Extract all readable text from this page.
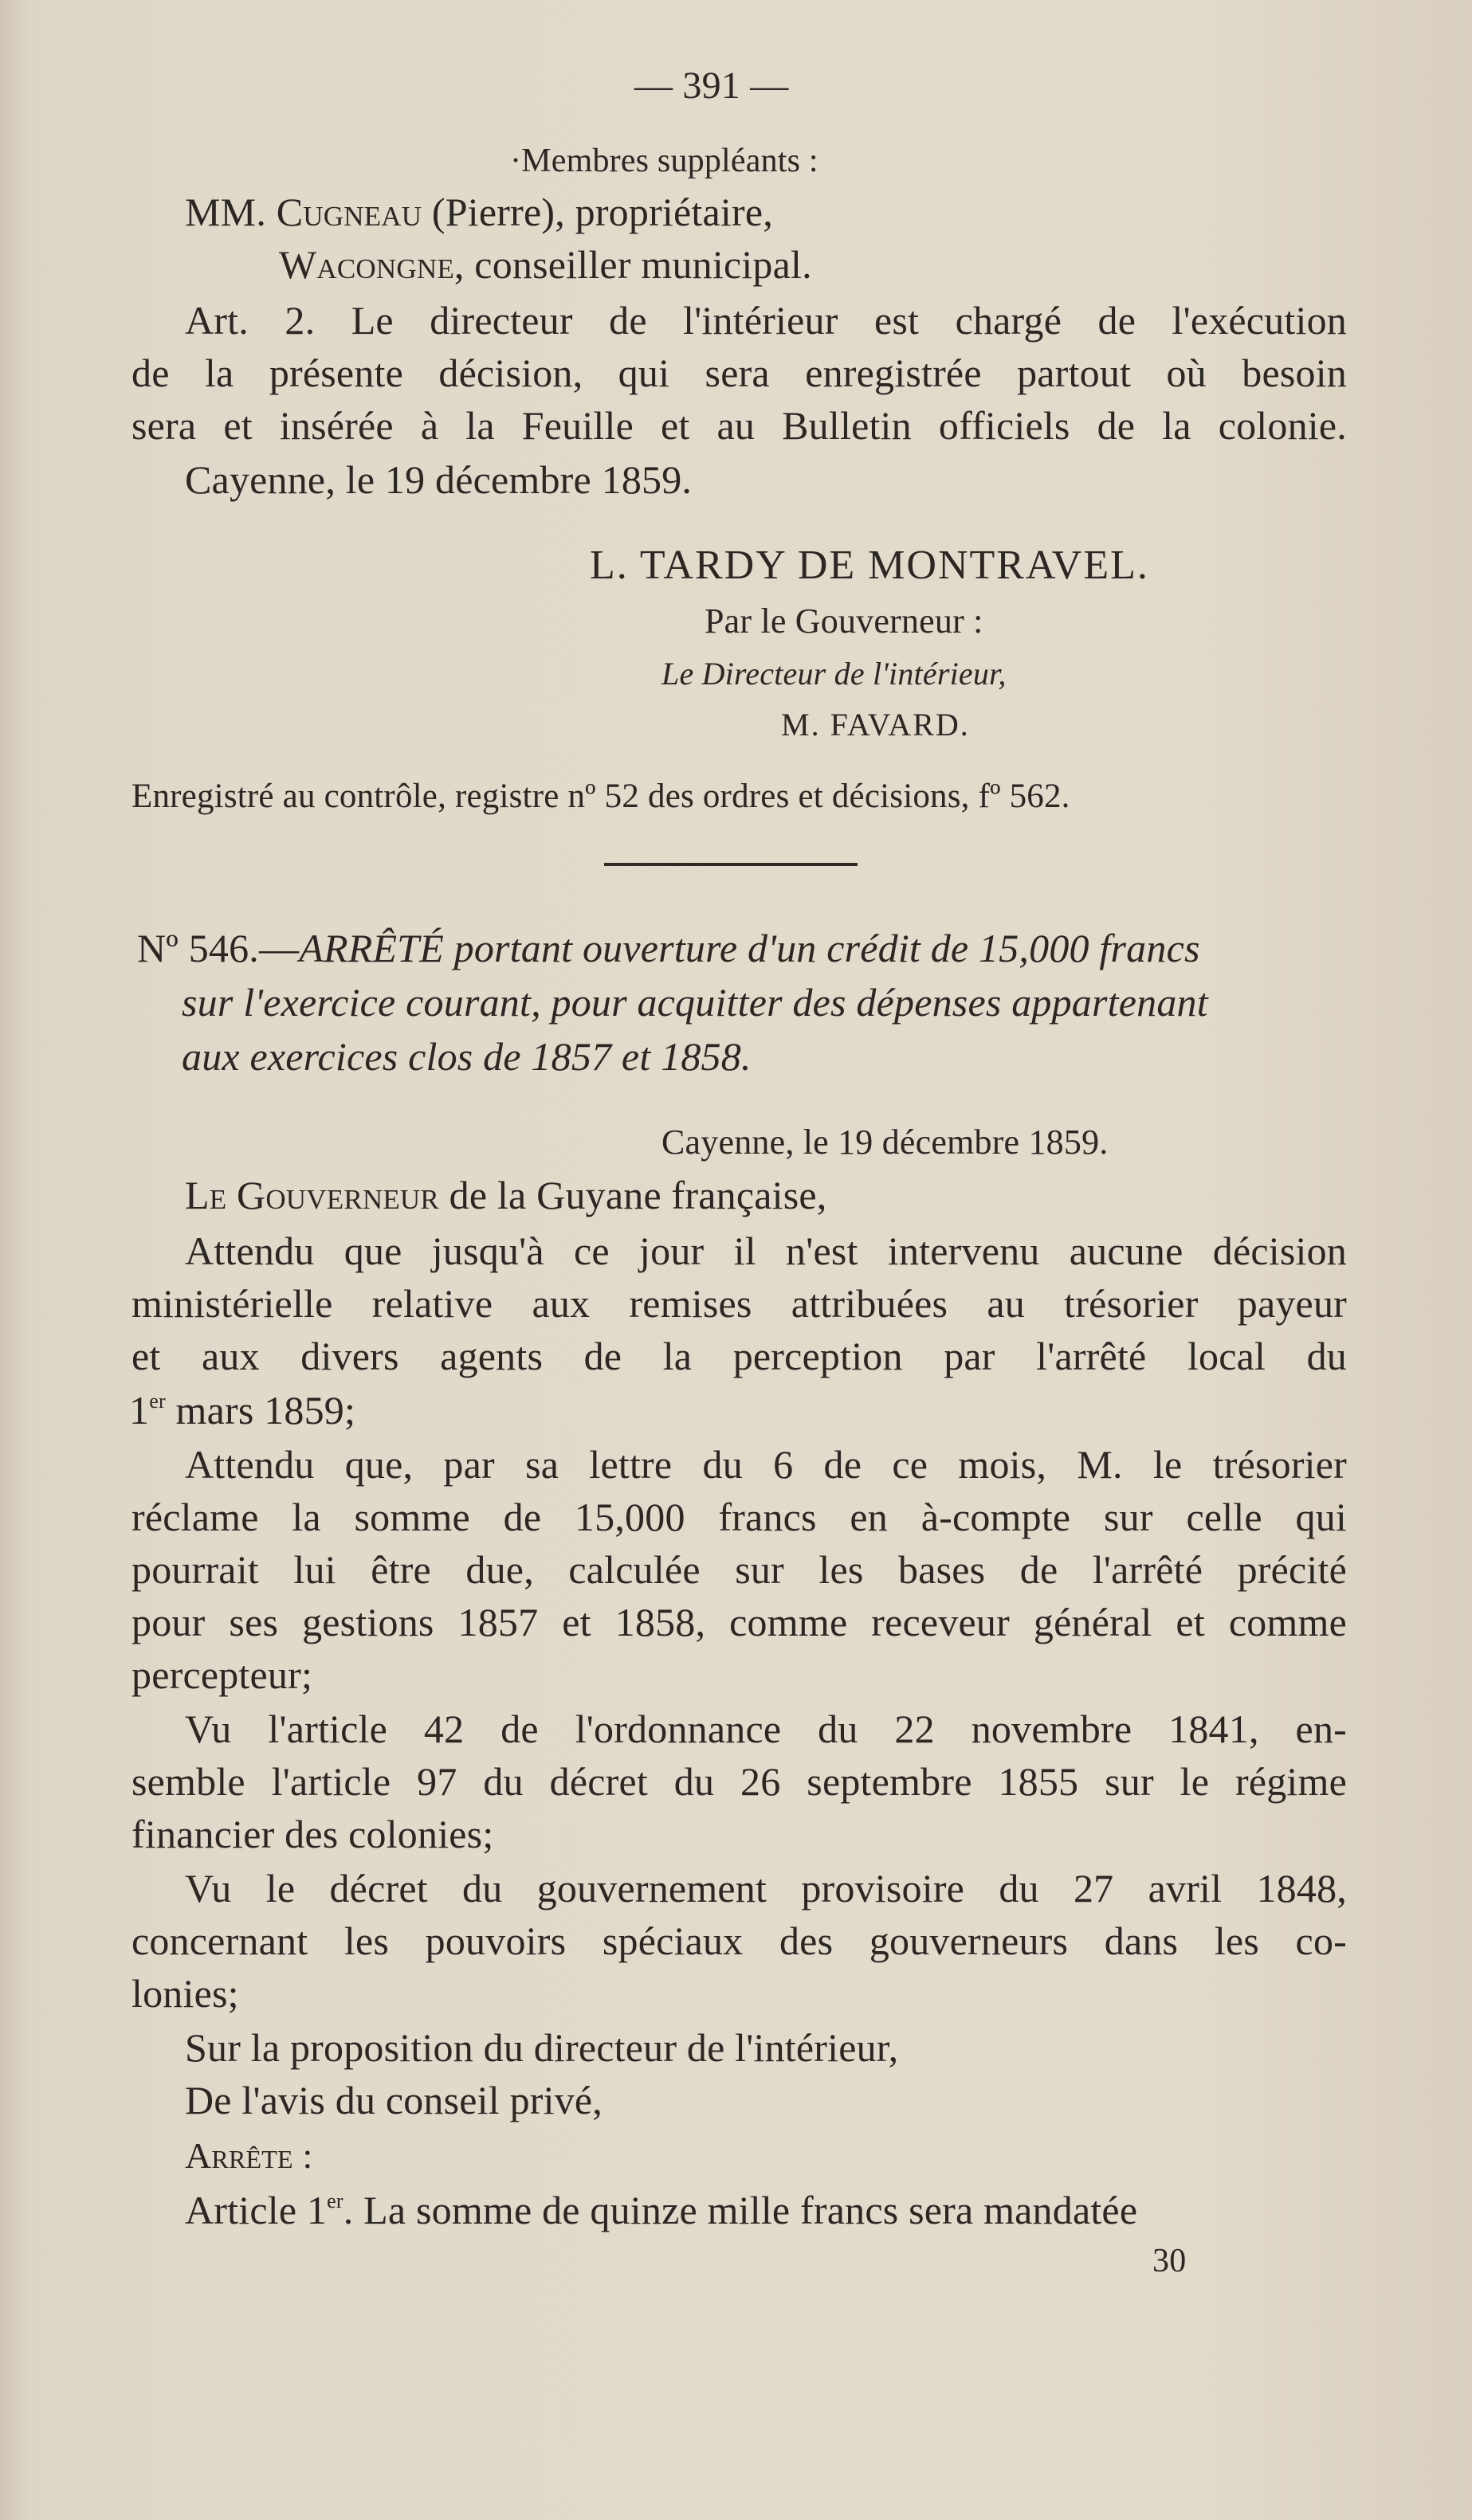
— 391 —
·Membres suppléants :
MM. Cugneau (Pierre), propriétaire,
Wacongne, conseiller municipal.
Art. 2. Le directeur de l'intérieur est chargé de l'exécution
de la présente décision, qui sera enregistrée partout où besoin
sera et insérée à la Feuille et au Bulletin officiels de la colonie.
Cayenne, le 19 décembre 1859.
L. TARDY DE MONTRAVEL.
Par le Gouverneur :
Le Directeur de l'intérieur,
M. FAVARD.
Enregistré au contrôle, registre nº 52 des ordres et décisions, fº 562.
Nº 546.—ARRÊTÉ portant ouverture d'un crédit de 15,000 francs
sur l'exercice courant, pour acquitter des dépenses appartenant
aux exercices clos de 1857 et 1858.
Cayenne, le 19 décembre 1859.
Le Gouverneur de la Guyane française,
Attendu que jusqu'à ce jour il n'est intervenu aucune décision
ministérielle relative aux remises attribuées au trésorier payeur
et aux divers agents de la perception par l'arrêté local du
1er mars 1859;
Attendu que, par sa lettre du 6 de ce mois, M. le trésorier
réclame la somme de 15,000 francs en à-compte sur celle qui
pourrait lui être due, calculée sur les bases de l'arrêté précité
pour ses gestions 1857 et 1858, comme receveur général et comme
percepteur;
Vu l'article 42 de l'ordonnance du 22 novembre 1841, en-
semble l'article 97 du décret du 26 septembre 1855 sur le régime
financier des colonies;
Vu le décret du gouvernement provisoire du 27 avril 1848,
concernant les pouvoirs spéciaux des gouverneurs dans les co-
lonies;
Sur la proposition du directeur de l'intérieur,
De l'avis du conseil privé,
Arrête :
Article 1er. La somme de quinze mille francs sera mandatée
30
